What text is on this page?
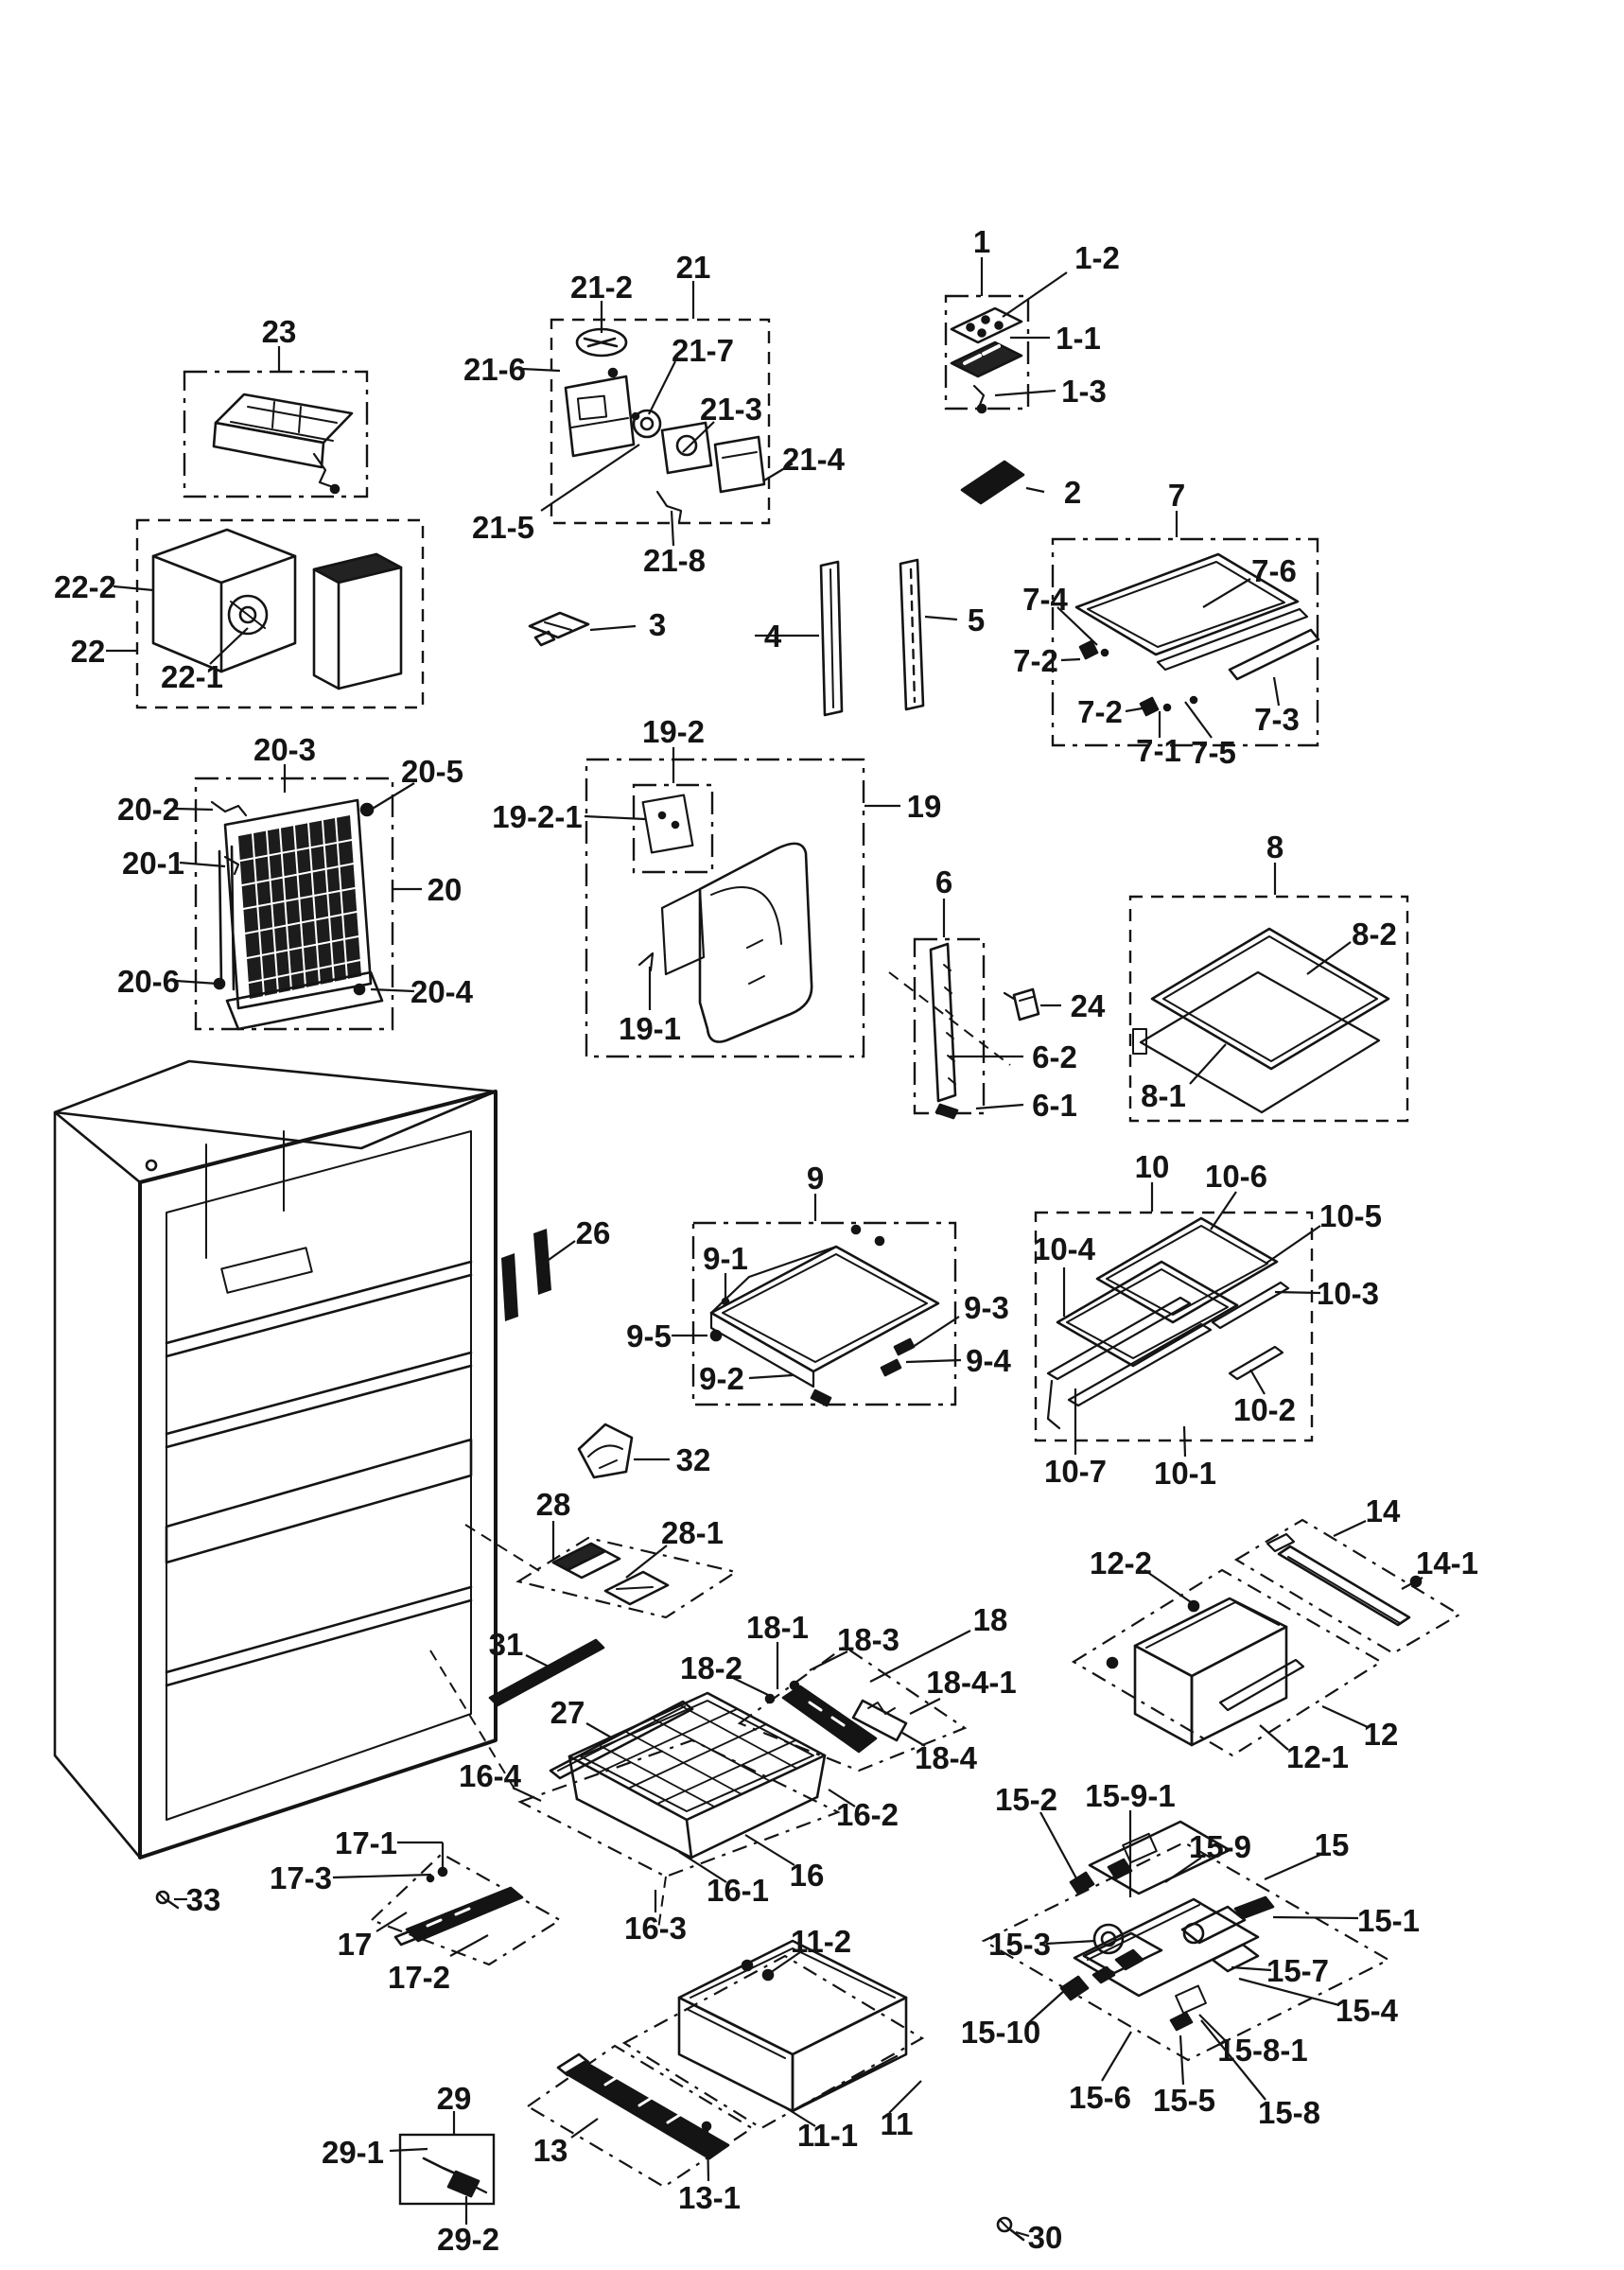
1	1-2
1-1
1-3
2	7
7-6
7-4
7-2
7-2	7-3
7-1 7-5
21-2
21
21-6
21-7
21-3
21-4
21-5
21-8
23
22-2
22
22-1
3	4	5
20-3
20-5
20-2
20-1
20
20-6	20-4
19-2
19
19-2-1
19-1
6
24
6-2
6-1
8
8-2
8-1
9
9-1
9-5
9-3
9-4
9-2
10 10-6
10-5
10-4
10-3
10-2
10-7 10-1
26
32
28
28-1
31
27
16-4
18-2
18-1 18-3
18
18-4-1
18-4
16-2
16
16-1
16-3	11-2
12-2
14
14-1
12
12-1
17-1
17-3
17
17-2
33
15-2 15-9-1
15-9 15
15-1
15-3
15-7
15-4
15-10
15-8-1
15-6 15-5 15-8
11-1 11
13
13-1
29
29-1
29-2	30
